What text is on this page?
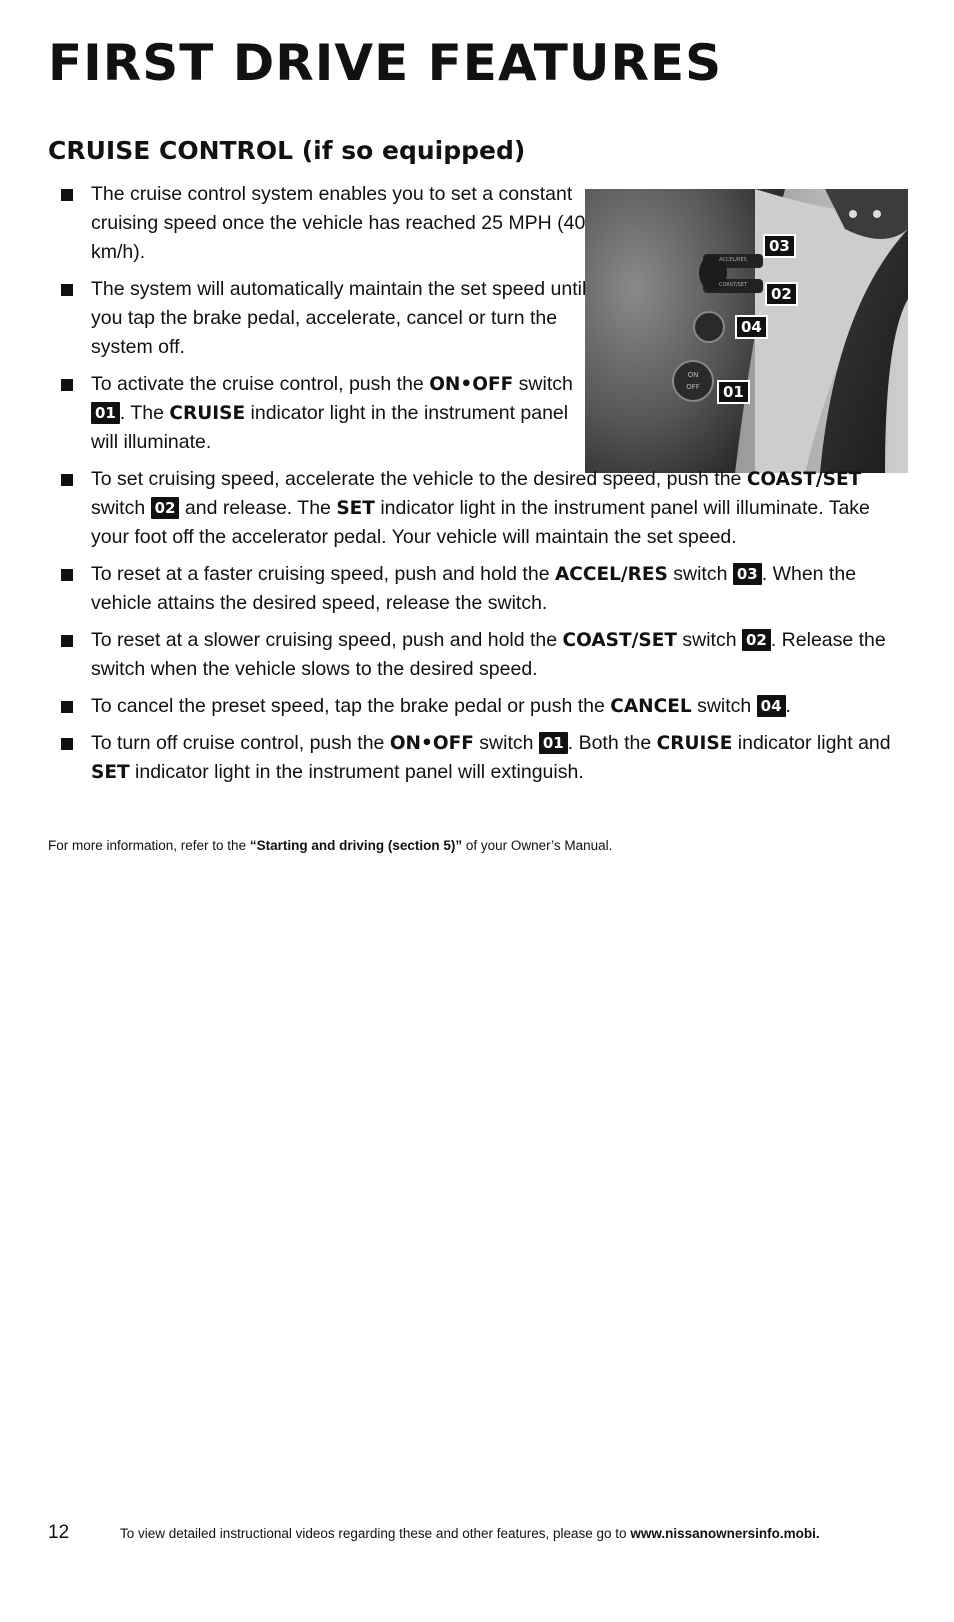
FIRST DRIVE FEATURES
CRUISE CONTROL (if so equipped)
ON
OFF
ACCEL/RES
COAST/SET
03
02
04
01
The cruise control system enables you to set a constant cruising speed once the vehicle has reached 25 MPH (40 km/h).
The system will automatically maintain the set speed until you tap the brake pedal, accelerate, cancel or turn the system off.
To activate the cruise control, push the ON•OFF switch 01 . The CRUISE indicator light in the instrument panel will illuminate.
To set cruising speed, accelerate the vehicle to the desired speed, push the COAST/SET switch 02 and release. The SET indicator light in the instrument panel will illuminate. Take your foot off the accelerator pedal. Your vehicle will maintain the set speed.
To reset at a faster cruising speed, push and hold the ACCEL/RES switch 03 . When the vehicle attains the desired speed, release the switch.
To reset at a slower cruising speed, push and hold the COAST/SET switch 02 . Release the switch when the vehicle slows to the desired speed.
To cancel the preset speed, tap the brake pedal or push the CANCEL switch 04 .
To turn off cruise control, push the ON•OFF switch 01 . Both the CRUISE indicator light and SET indicator light in the instrument panel will extinguish.
For more information, refer to the “Starting and driving (section 5)” of your Owner’s Manual.
12	To view detailed instructional videos regarding these and other features, please go to www.nissanownersinfo.mobi.
